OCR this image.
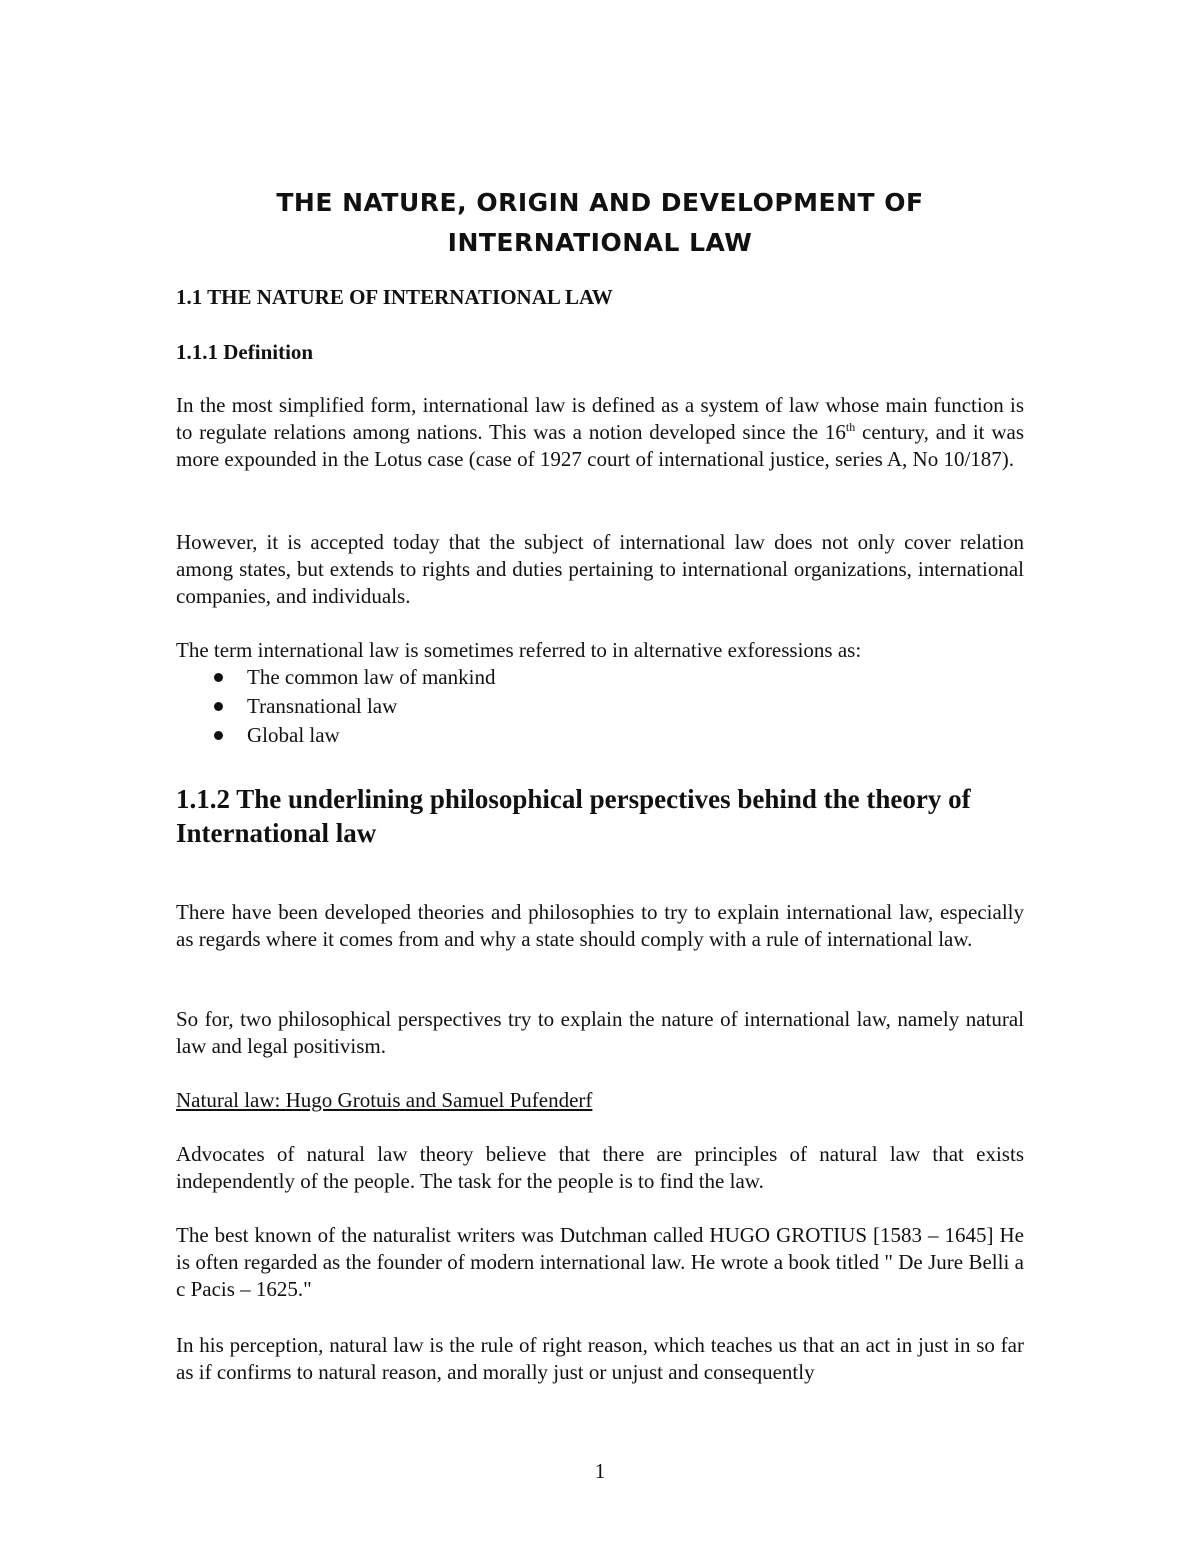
THE NATURE, ORIGIN AND DEVELOPMENT OF
INTERNATIONAL LAW
1.1 THE NATURE OF INTERNATIONAL LAW
1.1.1 Definition

In the most simplified form, international law is defined as a system of law whose main function is to regulate relations among nations. This was a notion developed since the 16th century, and it was more expounded in the Lotus case (case of 1927 court of international justice, series A, No 10/187).

However, it is accepted today that the subject of international law does not only cover relation among states, but extends to rights and duties pertaining to international organizations, international companies, and individuals.

The term international law is sometimes referred to in alternative exforessions as:

The common law of mankind
Transnational law
Global law
1.1.2 The underlining philosophical perspectives behind the theory of International law

There have been developed theories and philosophies to try to explain international law, especially as regards where it comes from and why a state should comply with a rule of international law.

So for, two philosophical perspectives try to explain the nature of international law, namely natural law and legal positivism.

Natural law: Hugo Grotuis and Samuel Pufenderf

Advocates of natural law theory believe that there are principles of natural law that exists independently of the people. The task for the people is to find the law.

The best known of the naturalist writers was Dutchman called HUGO GROTIUS [1583 – 1645] He is often regarded as the founder of modern international law. He wrote a book titled " De Jure Belli a c Pacis – 1625."

In his perception, natural law is the rule of right reason, which teaches us that an act in just in so far as if confirms to natural reason, and morally just or unjust and consequently

1
